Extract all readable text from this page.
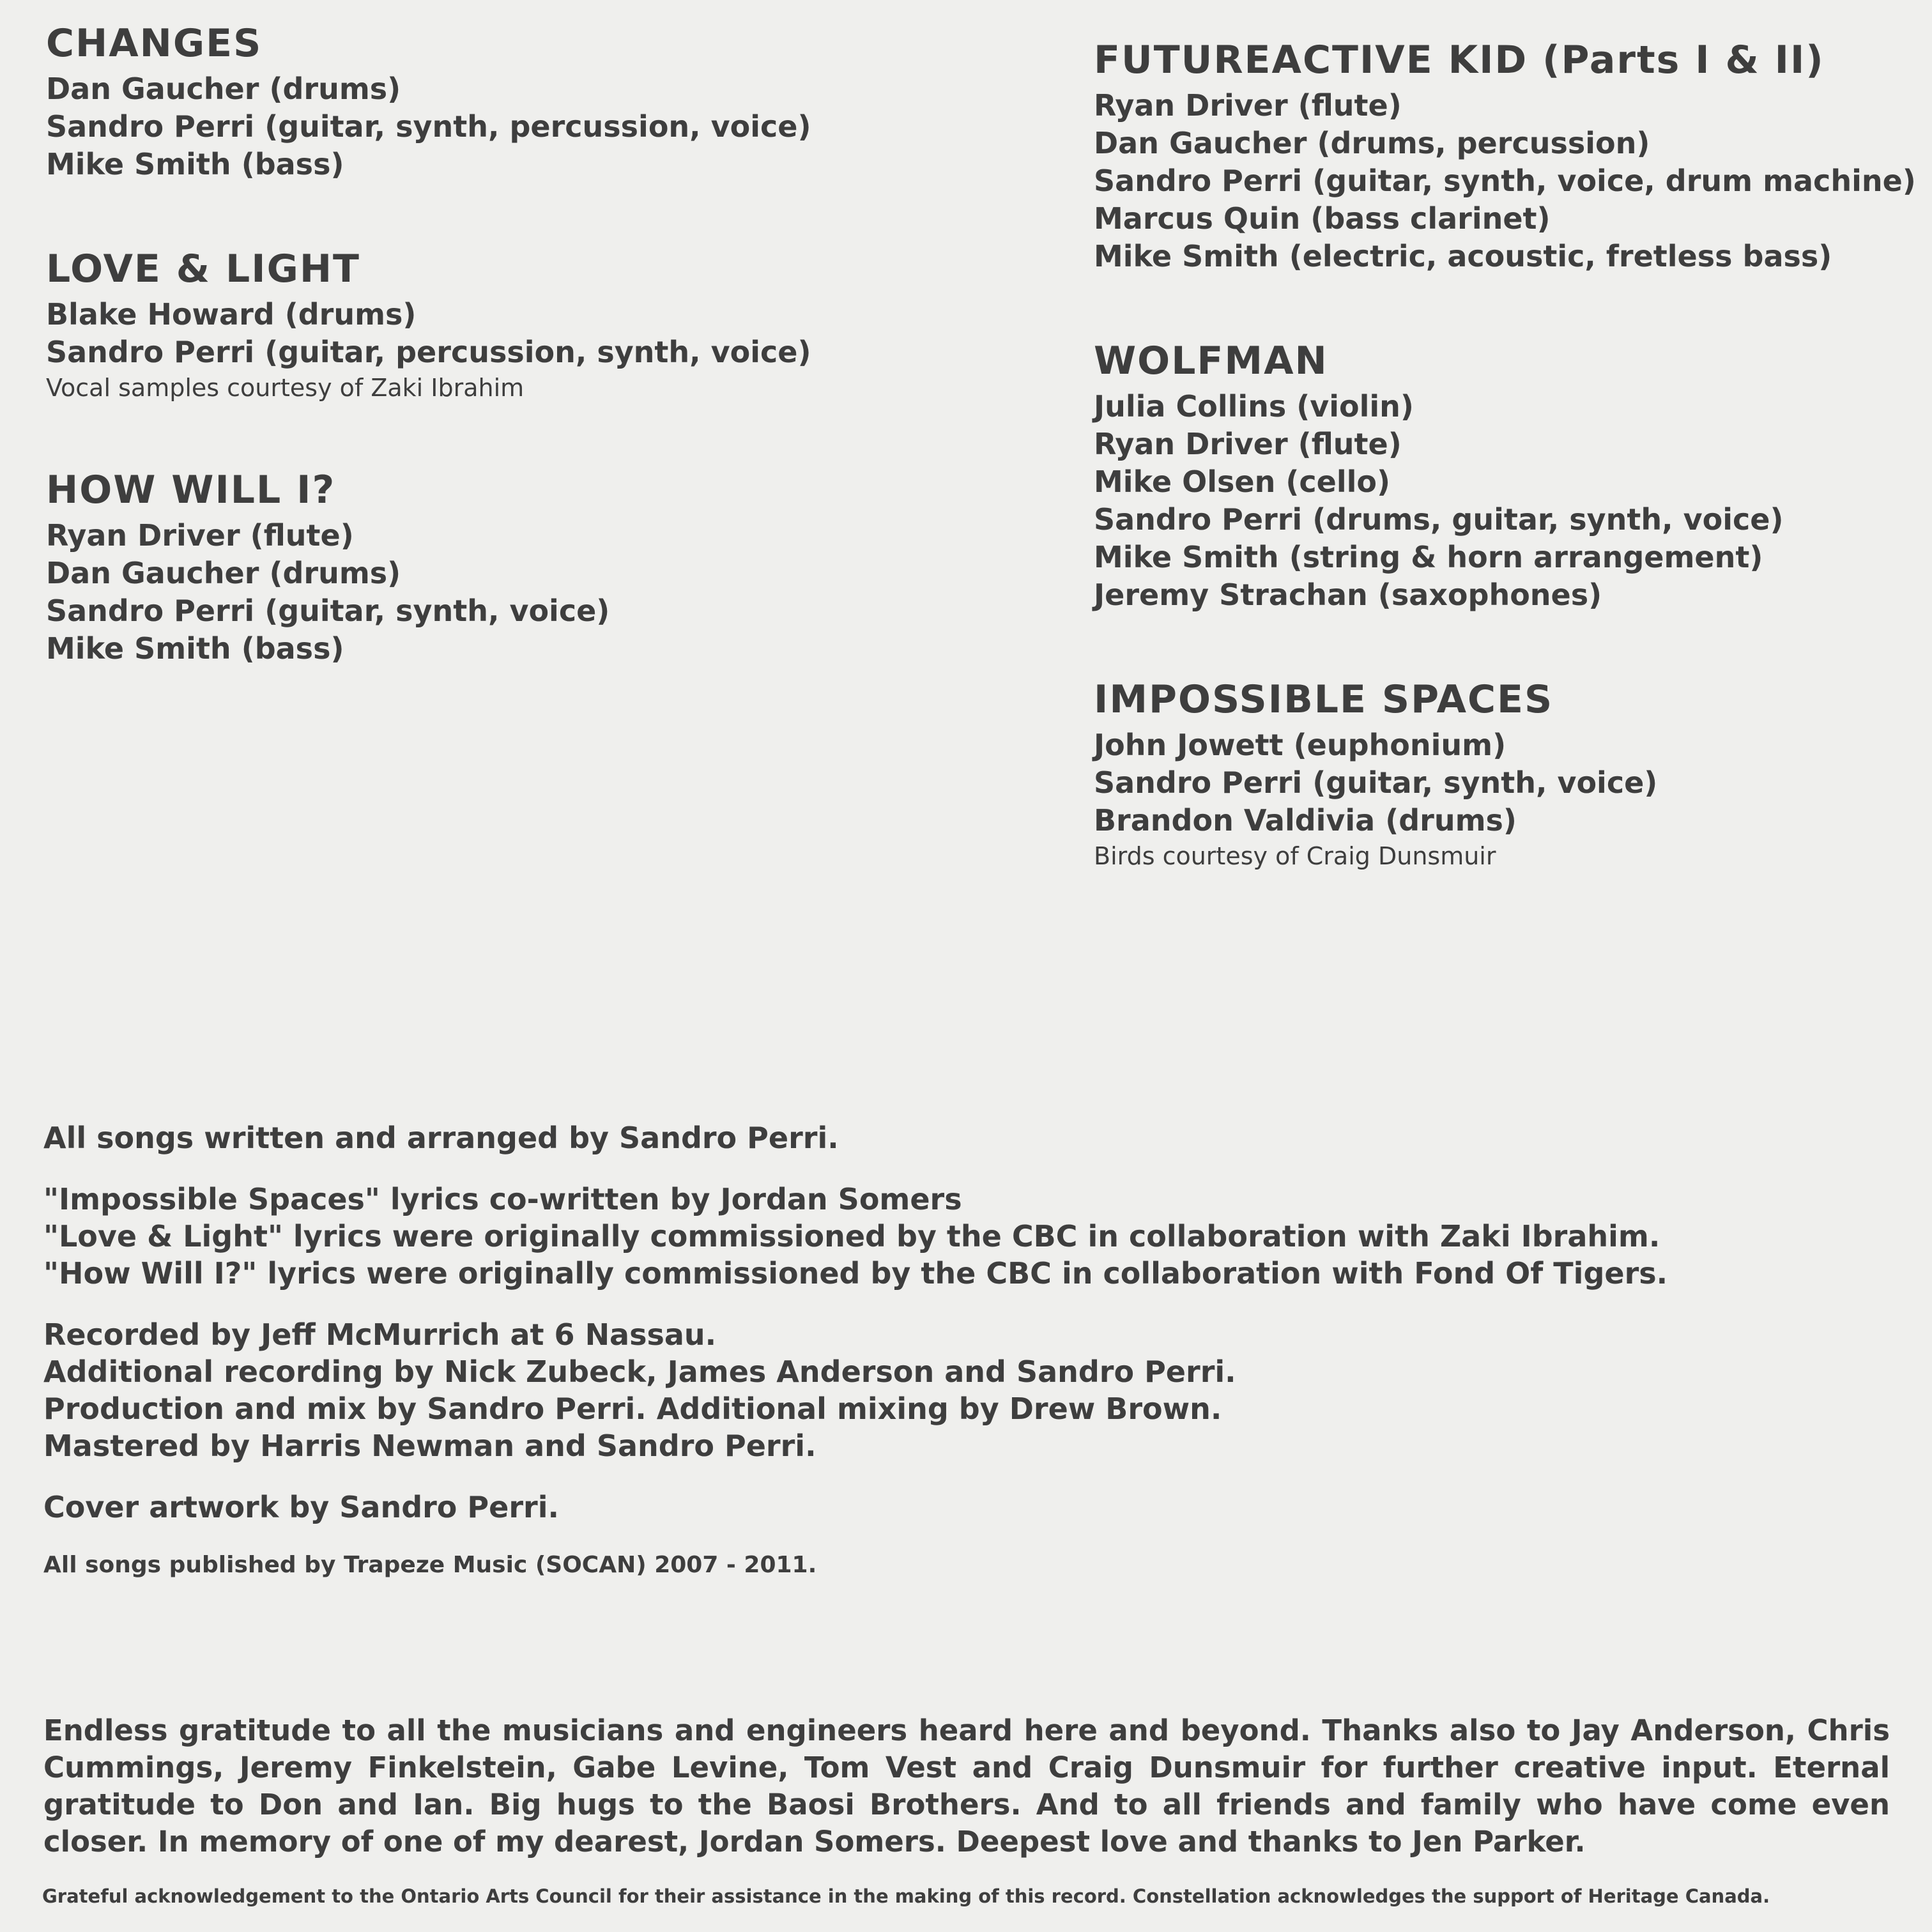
CHANGES
Dan Gaucher (drums)
Sandro Perri (guitar, synth, percussion, voice)
Mike Smith (bass)
LOVE & LIGHT
Blake Howard (drums)
Sandro Perri (guitar, percussion, synth, voice)
Vocal samples courtesy of Zaki Ibrahim
HOW WILL I?
Ryan Driver (flute)
Dan Gaucher (drums)
Sandro Perri (guitar, synth, voice)
Mike Smith (bass)
FUTUREACTIVE KID (Parts I & II)
Ryan Driver (flute)
Dan Gaucher (drums, percussion)
Sandro Perri (guitar, synth, voice, drum machine)
Marcus Quin (bass clarinet)
Mike Smith (electric, acoustic, fretless bass)
WOLFMAN
Julia Collins (violin)
Ryan Driver (flute)
Mike Olsen (cello)
Sandro Perri (drums, guitar, synth, voice)
Mike Smith (string & horn arrangement)
Jeremy Strachan (saxophones)
IMPOSSIBLE SPACES
John Jowett (euphonium)
Sandro Perri (guitar, synth, voice)
Brandon Valdivia (drums)
Birds courtesy of Craig Dunsmuir
All songs written and arranged by Sandro Perri.
"Impossible Spaces" lyrics co-written by Jordan Somers
"Love & Light" lyrics were originally commissioned by the CBC in collaboration with Zaki Ibrahim.
"How Will I?" lyrics were originally commissioned by the CBC in collaboration with Fond Of Tigers.
Recorded by Jeff McMurrich at 6 Nassau.
Additional recording by Nick Zubeck, James Anderson and Sandro Perri.
Production and mix by Sandro Perri. Additional mixing by Drew Brown.
Mastered by Harris Newman and Sandro Perri.
Cover artwork by Sandro Perri.
All songs published by Trapeze Music (SOCAN) 2007 - 2011.
Endless gratitude to all the musicians and engineers heard here and beyond. Thanks also to Jay Anderson, Chris Cummings, Jeremy Finkelstein, Gabe Levine, Tom Vest and Craig Dunsmuir for further creative input. Eternal gratitude to Don and Ian. Big hugs to the Baosi Brothers. And to all friends and family who have come even closer. In memory of one of my dearest, Jordan Somers. Deepest love and thanks to Jen Parker.
Grateful acknowledgement to the Ontario Arts Council for their assistance in the making of this record. Constellation acknowledges the support of Heritage Canada.
